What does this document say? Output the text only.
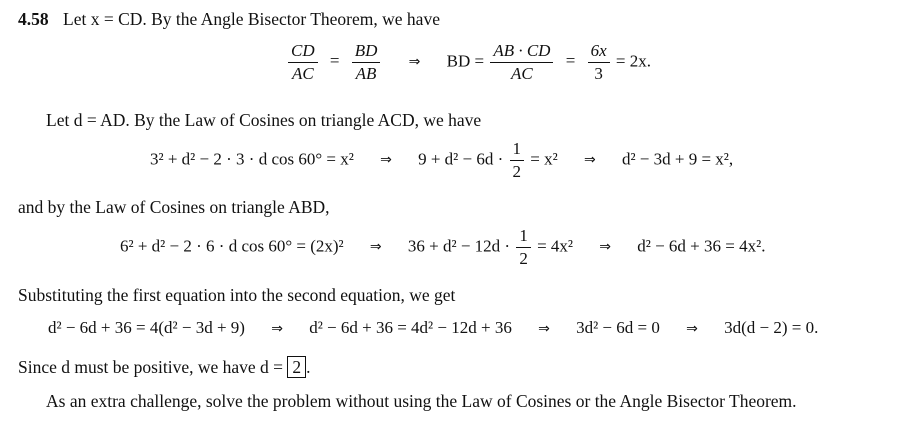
4.58 Let x = CD. By the Angle Bisector Theorem, we have
$\frac{CD}{AC} = \frac{BD}{AB}$ ⇒ BD = $\frac{AB \cdot CD}{AC} = \frac{6x}{3} = 2x$.
Let d = AD. By the Law of Cosines on triangle ACD, we have
3² + d² − 2 · 3 · d cos 60° = x² ⇒ $9 + d^2 - 6d \cdot \frac{1}{2} = x^2$ ⇒ d² − 3d + 9 = x²,
and by the Law of Cosines on triangle ABD,
6² + d² − 2 · 6 · d cos 60° = (2x)² ⇒ $36 + d^2 - 12d \cdot \frac{1}{2} = 4x^2$ ⇒ d² − 6d + 36 = 4x².
Substituting the first equation into the second equation, we get
d² − 6d + 36 = 4(d² − 3d + 9) ⇒ d² − 6d + 36 = 4d² − 12d + 36 ⇒ 3d² − 6d = 0 ⇒ 3d(d − 2) = 0.
Since d must be positive, we have d = 2 .
As an extra challenge, solve the problem without using the Law of Cosines or the Angle Bisector Theorem.
